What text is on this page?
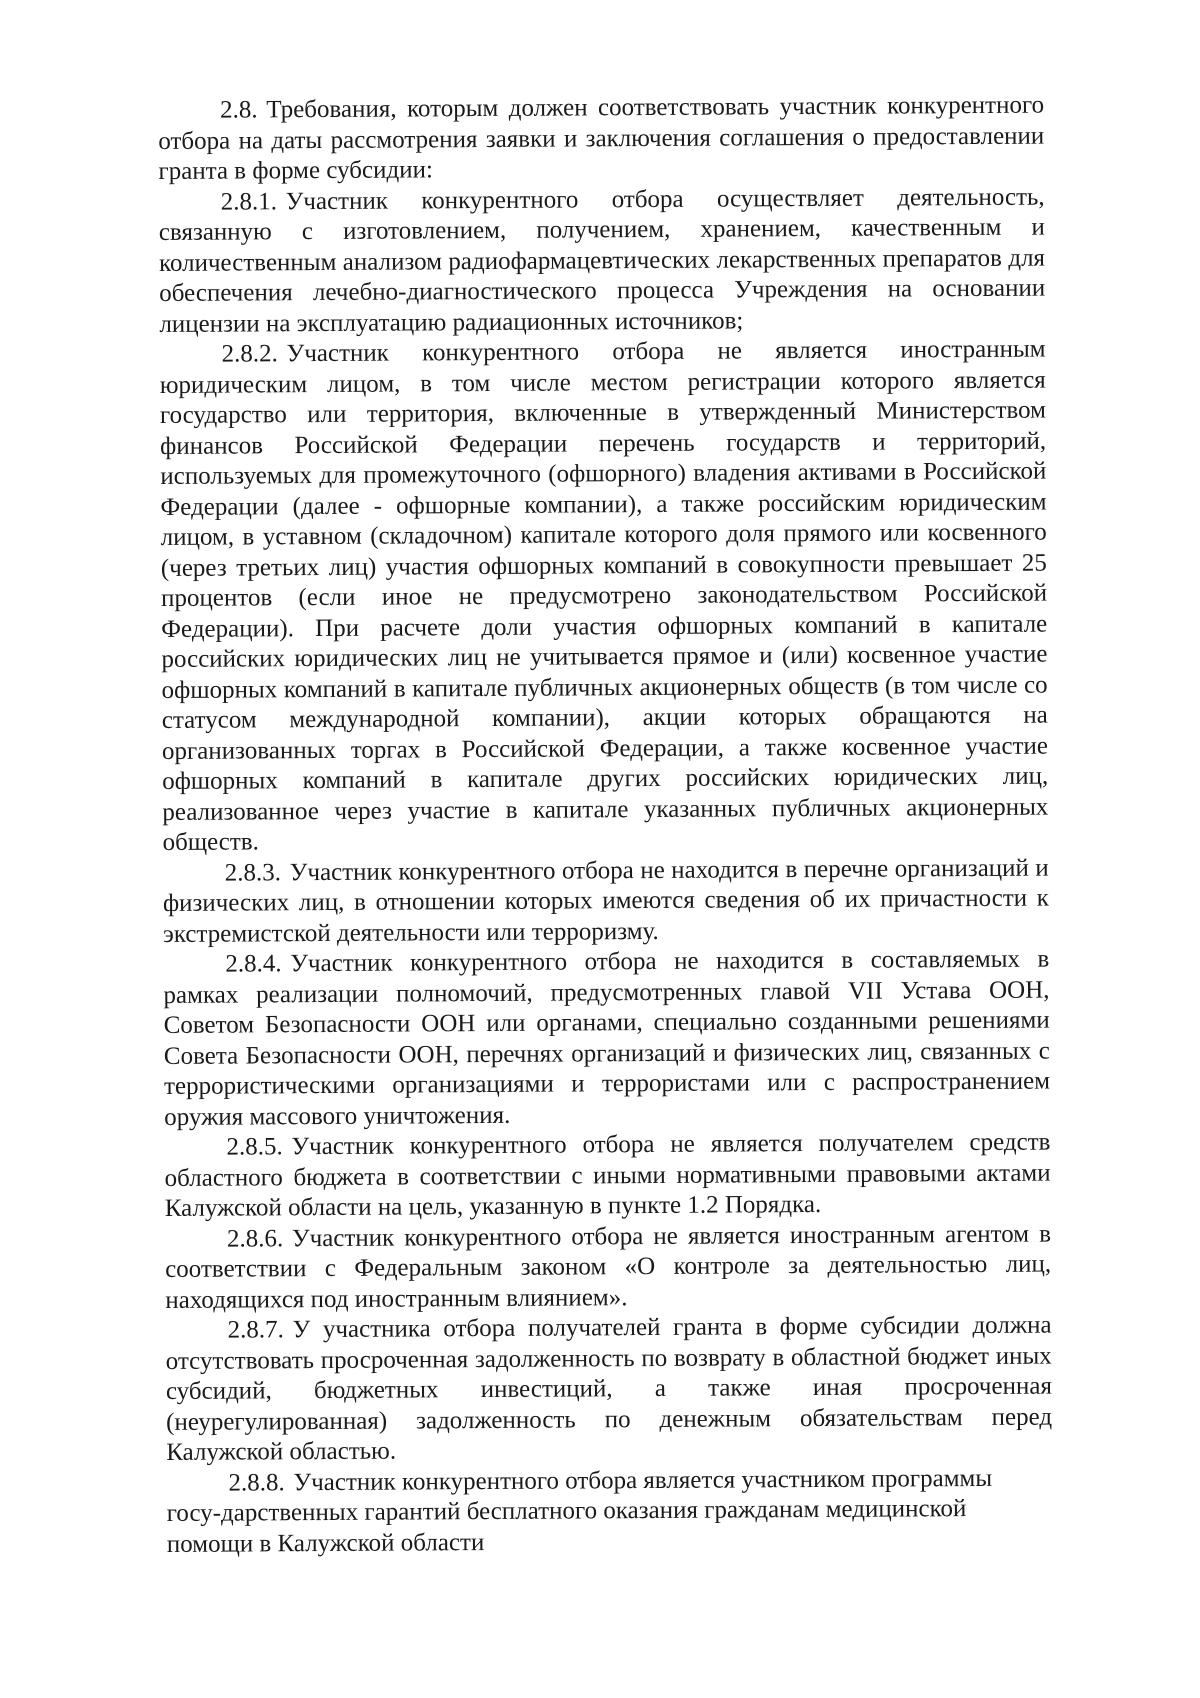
2.8. Требования, которым должен соответствовать участник конкурентного отбора на даты рассмотрения заявки и заключения соглашения о предоставлении гранта в форме субсидии:

2.8.1. Участник конкурентного отбора осуществляет деятельность, связанную с изготовлением, получением, хранением, качественным и количественным анализом радиофармацевтических лекарственных препаратов для обеспечения лечебно-диагностического процесса Учреждения на основании лицензии на эксплуатацию радиационных источников;

2.8.2. Участник конкурентного отбора не является иностранным юридическим лицом, в том числе местом регистрации которого является государство или территория, включенные в утвержденный Министерством финансов Российской Федерации перечень государств и территорий, используемых для промежуточного (офшорного) владения активами в Российской Федерации (далее - офшорные компании), а также российским юридическим лицом, в уставном (складочном) капитале которого доля прямого или косвенного (через третьих лиц) участия офшорных компаний в совокупности превышает 25 процентов (если иное не предусмотрено законодательством Российской Федерации). При расчете доли участия офшорных компаний в капитале российских юридических лиц не учитывается прямое и (или) косвенное участие офшорных компаний в капитале публичных акционерных обществ (в том числе со статусом международной компании), акции которых обращаются на организованных торгах в Российской Федерации, а также косвенное участие офшорных компаний в капитале других российских юридических лиц, реализованное через участие в капитале указанных публичных акционерных обществ.

2.8.3. Участник конкурентного отбора не находится в перечне организаций и физических лиц, в отношении которых имеются сведения об их причастности к экстремистской деятельности или терроризму.

2.8.4. Участник конкурентного отбора не находится в составляемых в рамках реализации полномочий, предусмотренных главой VII Устава ООН, Советом Безопасности ООН или органами, специально созданными решениями Совета Безопасности ООН, перечнях организаций и физических лиц, связанных с террористическими организациями и террористами или с распространением оружия массового уничтожения.

2.8.5. Участник конкурентного отбора не является получателем средств областного бюджета в соответствии с иными нормативными правовыми актами Калужской области на цель, указанную в пункте 1.2 Порядка.

2.8.6. Участник конкурентного отбора не является иностранным агентом в соответствии с Федеральным законом «О контроле за деятельностью лиц, находящихся под иностранным влиянием».

2.8.7. У участника отбора получателей гранта в форме субсидии должна отсутствовать просроченная задолженность по возврату в областной бюджет иных субсидий, бюджетных инвестиций, а также иная просроченная (неурегулированная) задолженность по денежным обязательствам перед Калужской областью.

2.8.8. Участник конкурентного отбора является участником программы госу-дарственных гарантий бесплатного оказания гражданам медицинской помощи в Калужской области
